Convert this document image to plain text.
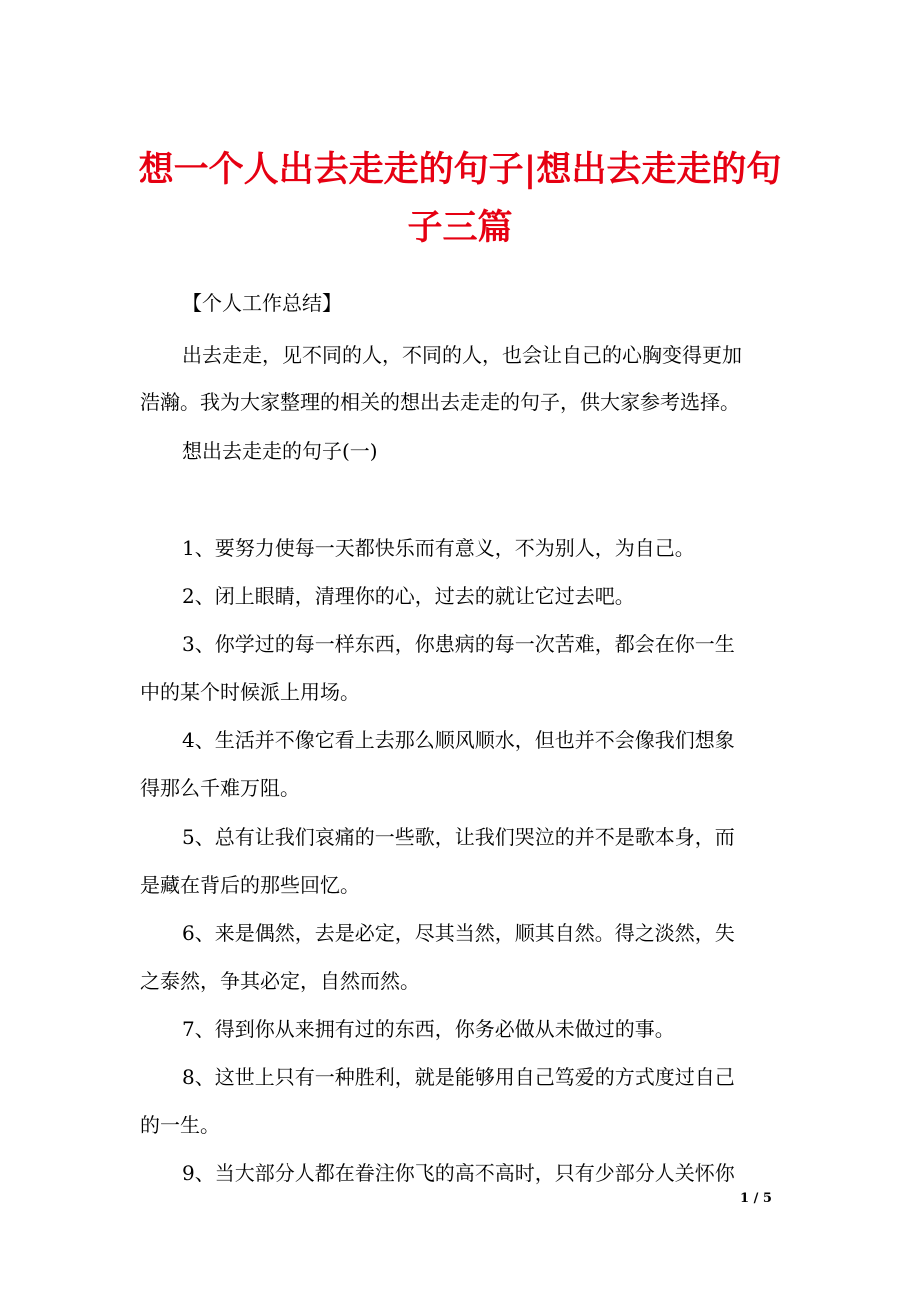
想一个人出去走走的句子|想出去走走的句
子三篇

【个人工作总结】

出去走走，见不同的人，不同的人，也会让自己的心胸变得更加

浩瀚。我为大家整理的相关的想出去走走的句子，供大家参考选择。

想出去走走的句子(一)

1、要努力使每一天都快乐而有意义，不为别人，为自己。

2、闭上眼睛，清理你的心，过去的就让它过去吧。

3、你学过的每一样东西，你患病的每一次苦难，都会在你一生

中的某个时候派上用场。

4、生活并不像它看上去那么顺风顺水，但也并不会像我们想象

得那么千难万阻。

5、总有让我们哀痛的一些歌，让我们哭泣的并不是歌本身，而

是藏在背后的那些回忆。

6、来是偶然，去是必定，尽其当然，顺其自然。得之淡然，失

之泰然，争其必定，自然而然。

7、得到你从来拥有过的东西，你务必做从未做过的事。

8、这世上只有一种胜利，就是能够用自己笃爱的方式度过自己

的一生。

9、当大部分人都在眷注你飞的高不高时，只有少部分人关怀你

1 / 5
